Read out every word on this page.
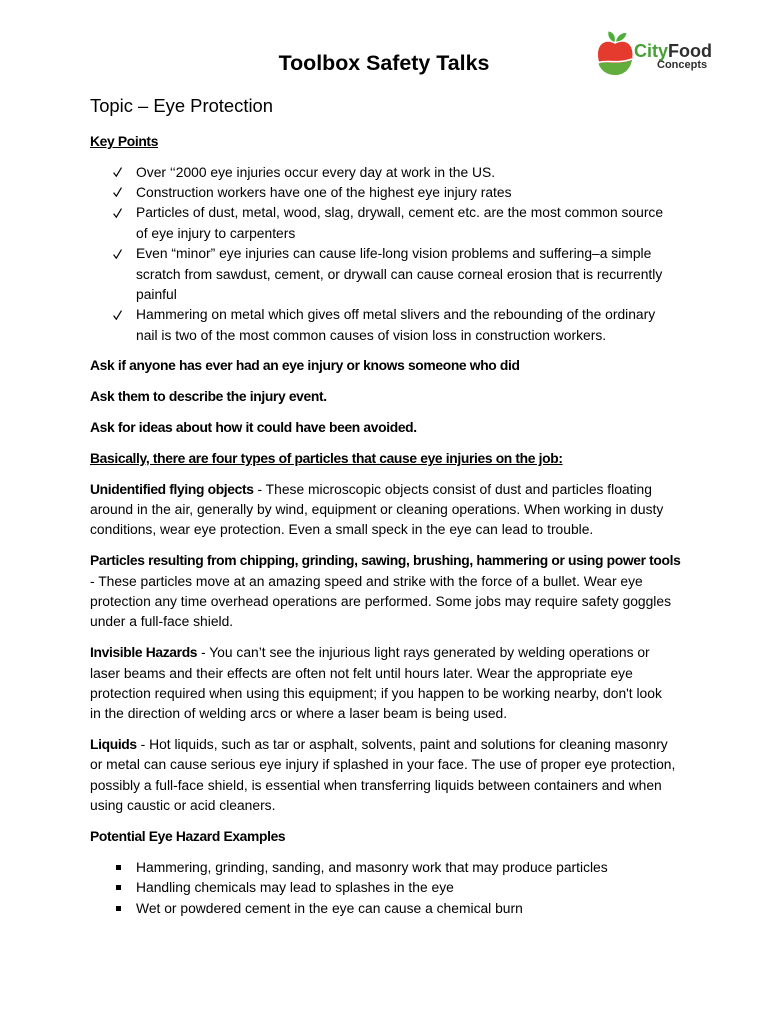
Toolbox Safety Talks
Topic – Eye Protection
CityFood
Concepts

Key Points

Over ‘‘2000 eye injuries occur every day at work in the US.
Construction workers have one of the highest eye injury rates
Particles of dust, metal, wood, slag, drywall, cement etc. are the most common source
of eye injury to carpenters
Even “minor” eye injuries can cause life-long vision problems and suffering–a simple
scratch from sawdust, cement, or drywall can cause corneal erosion that is recurrently
painful
Hammering on metal which gives off metal slivers and the rebounding of the ordinary
nail is two of the most common causes of vision loss in construction workers.

Ask if anyone has ever had an eye injury or knows someone who did

Ask them to describe the injury event.

Ask for ideas about how it could have been avoided.

Basically, there are four types of particles that cause eye injuries on the job:

Unidentified flying objects - These microscopic objects consist of dust and particles floating
around in the air, generally by wind, equipment or cleaning operations. When working in dusty
conditions, wear eye protection. Even a small speck in the eye can lead to trouble.
Particles resulting from chipping, grinding, sawing, brushing, hammering or using power tools
- These particles move at an amazing speed and strike with the force of a bullet. Wear eye
protection any time overhead operations are performed. Some jobs may require safety goggles
under a full-face shield.
Invisible Hazards - You can’t see the injurious light rays generated by welding operations or
laser beams and their effects are often not felt until hours later. Wear the appropriate eye
protection required when using this equipment; if you happen to be working nearby, don't look
in the direction of welding arcs or where a laser beam is being used.
Liquids - Hot liquids, such as tar or asphalt, solvents, paint and solutions for cleaning masonry
or metal can cause serious eye injury if splashed in your face. The use of proper eye protection,
possibly a full-face shield, is essential when transferring liquids between containers and when
using caustic or acid cleaners.

Potential Eye Hazard Examples

Hammering, grinding, sanding, and masonry work that may produce particles
Handling chemicals may lead to splashes in the eye
Wet or powdered cement in the eye can cause a chemical burn
